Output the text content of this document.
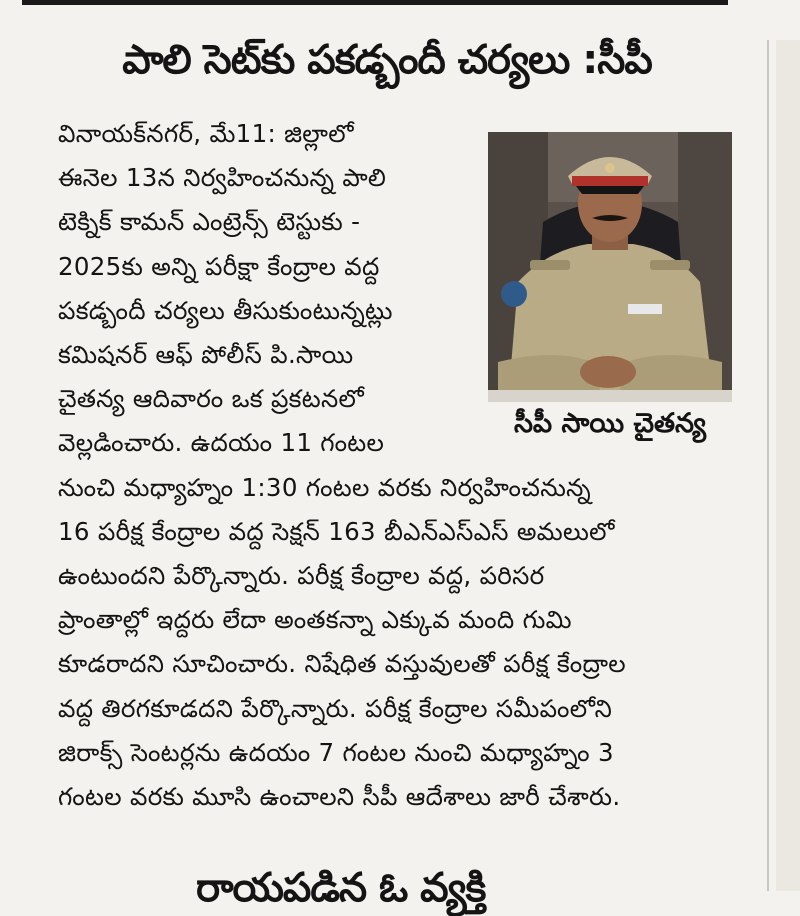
పాలి సెట్‌కు పకడ్బందీ చర్యలు :సీపీ
సీపీ సాయి చైతన్య
వినాయక్‌నగర్, మే11: జిల్లాలో
ఈనెల 13న నిర్వహించనున్న పాలి
టెక్నిక్ కామన్ ఎంట్రెన్స్ టెస్టుకు -
2025కు అన్ని పరీక్షా కేంద్రాల వద్ద
పకడ్బందీ చర్యలు తీసుకుంటున్నట్లు
కమిషనర్ ఆఫ్ పోలీస్ పి.సాయి
చైతన్య ఆదివారం ఒక ప్రకటనలో
వెల్లడించారు. ఉదయం 11 గంటల
నుంచి మధ్యాహ్నం 1:30 గంటల వరకు నిర్వహించనున్న
16 పరీక్ష కేంద్రాల వద్ద సెక్షన్ 163 బీఎన్ఎస్ఎస్ అమలులో
ఉంటుందని పేర్కొన్నారు. పరీక్ష కేంద్రాల వద్ద, పరిసర
ప్రాంతాల్లో ఇద్దరు లేదా అంతకన్నా ఎక్కువ మంది గుమి
కూడరాదని సూచించారు. నిషేధిత వస్తువులతో పరీక్ష కేంద్రాల
వద్ద తిరగకూడదని పేర్కొన్నారు. పరీక్ష కేంద్రాల సమీపంలోని
జిరాక్స్ సెంటర్లను ఉదయం 7 గంటల నుంచి మధ్యాహ్నం 3
గంటల వరకు మూసి ఉంచాలని సీపీ ఆదేశాలు జారీ చేశారు.
రాయపడిన ఓ వ్యక్తి
